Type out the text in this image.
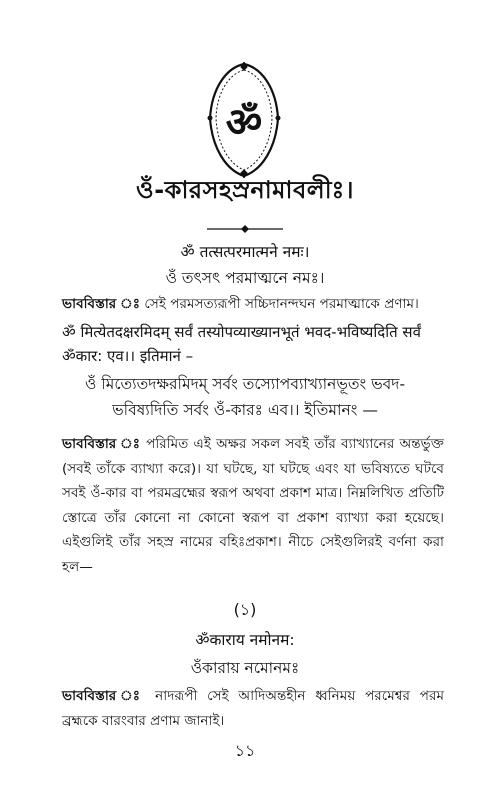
ॐ
ওঁ-কারসহস্রনামাবলীঃ।
ॐ तत्सत्परमात्मने नमः।
ওঁ তৎসৎ পরমাত্মনে নমঃ।
ভাববিস্তার ঃ সেই পরমসত্যরূপী সচ্চিদানন্দঘন পরমাত্মাকে প্রণাম।
ॐ मित्येतदक्षरमिदम् सर्वं तस्योपव्याख्यानभूतं भवद-भविष्यदिति सर्वं
ॐकार: एव।। इतिमानं –
ওঁ মিত্যেতদক্ষরমিদম্ সর্বং তস্যোপব্যাখ্যানভূতং ভবদ-
ভবিষ্যদিতি সর্বং ওঁ-কারঃ এব।। ইতিমানং —
ভাববিস্তার ঃ পরিমিত এই অক্ষর সকল সবই তাঁর ব্যাখ্যানের অন্তর্ভুক্ত (সবই তাঁকে ব্যাখ্যা করে)। যা ঘটছে, যা ঘটছে এবং যা ভবিষ্যতে ঘটবে সবই ওঁ-কার বা পরমব্রহ্মের স্বরূপ অথবা প্রকাশ মাত্র। নিম্নলিখিত প্রতিটি স্তোত্রে তাঁর কোনো না কোনো স্বরূপ বা প্রকাশ ব্যাখ্যা করা হয়েছে। এইগুলিই তাঁর সহস্র নামের বহিঃপ্রকাশ। নীচে সেইগুলিরই বর্ণনা করা হল—
(১)
ॐकाराय नमोनम:
ওঁকারায় নমোনমঃ
ভাববিস্তার ঃ নাদরূপী সেই আদিঅন্তহীন ধ্বনিময় পরমেশ্বর পরম ব্রহ্মকে বারংবার প্রণাম জানাই।
১১
